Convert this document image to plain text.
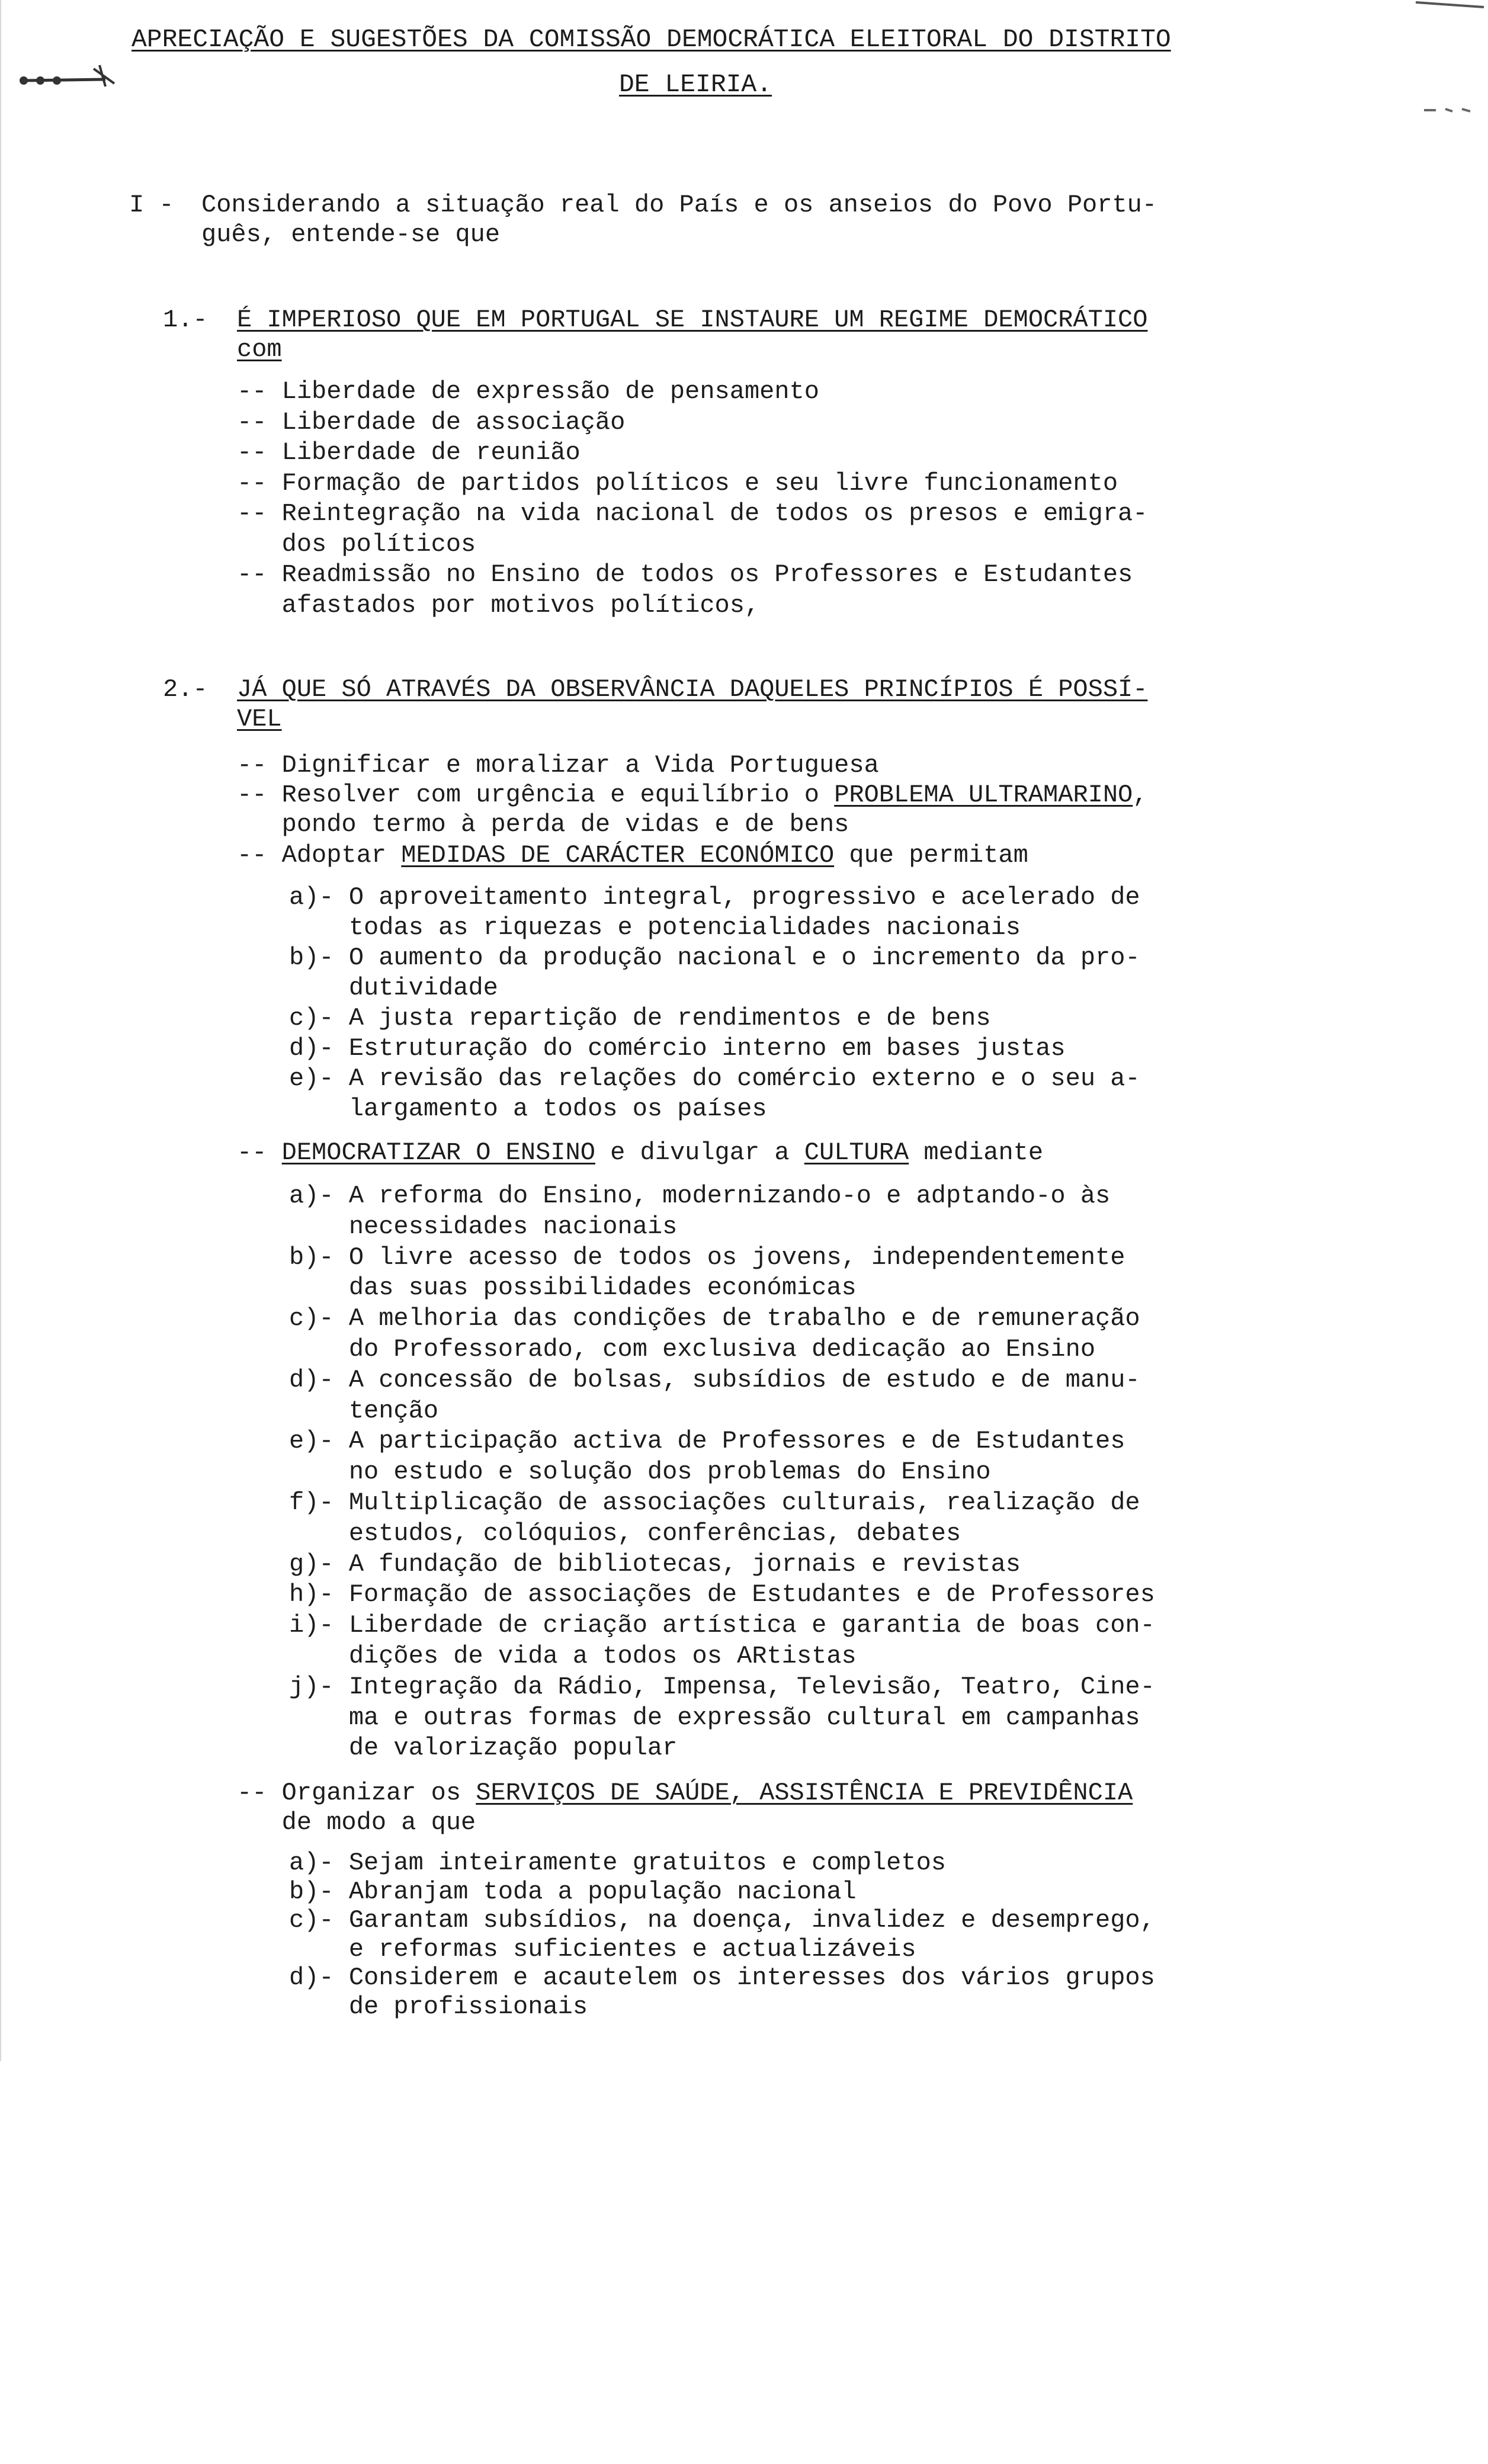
APRECIAÇÃO E SUGESTÕES DA COMISSÃO DEMOCRÁTICA ELEITORAL DO DISTRITO
DE LEIRIA.
I - Considerando a situação real do País e os anseios do Povo Portu-
guês, entende-se que
1.- É IMPERIOSO QUE EM PORTUGAL SE INSTAURE UM REGIME DEMOCRÁTICO
com
-- Liberdade de expressão de pensamento
-- Liberdade de associação
-- Liberdade de reunião
-- Formação de partidos políticos e seu livre funcionamento
-- Reintegração na vida nacional de todos os presos e emigra-
dos políticos
-- Readmissão no Ensino de todos os Professores e Estudantes
afastados por motivos políticos,
2.- JÁ QUE SÓ ATRAVÉS DA OBSERVÂNCIA DAQUELES PRINCÍPIOS É POSSÍ-
VEL
-- Dignificar e moralizar a Vida Portuguesa
-- Resolver com urgência e equilíbrio o PROBLEMA ULTRAMARINO,
pondo termo à perda de vidas e de bens
-- Adoptar MEDIDAS DE CARÁCTER ECONÓMICO que permitam
a)- O aproveitamento integral, progressivo e acelerado de
todas as riquezas e potencialidades nacionais
b)- O aumento da produção nacional e o incremento da pro-
dutividade
c)- A justa repartição de rendimentos e de bens
d)- Estruturação do comércio interno em bases justas
e)- A revisão das relações do comércio externo e o seu a-
largamento a todos os países
-- DEMOCRATIZAR O ENSINO e divulgar a CULTURA mediante
a)- A reforma do Ensino, modernizando-o e adptando-o às
necessidades nacionais
b)- O livre acesso de todos os jovens, independentemente
das suas possibilidades económicas
c)- A melhoria das condições de trabalho e de remuneração
do Professorado, com exclusiva dedicação ao Ensino
d)- A concessão de bolsas, subsídios de estudo e de manu-
tenção
e)- A participação activa de Professores e de Estudantes
no estudo e solução dos problemas do Ensino
f)- Multiplicação de associações culturais, realização de
estudos, colóquios, conferências, debates
g)- A fundação de bibliotecas, jornais e revistas
h)- Formação de associações de Estudantes e de Professores
i)- Liberdade de criação artística e garantia de boas con-
dições de vida a todos os ARtistas
j)- Integração da Rádio, Impensa, Televisão, Teatro, Cine-
ma e outras formas de expressão cultural em campanhas
de valorização popular
-- Organizar os SERVIÇOS DE SAÚDE, ASSISTÊNCIA E PREVIDÊNCIA
de modo a que
a)- Sejam inteiramente gratuitos e completos
b)- Abranjam toda a população nacional
c)- Garantam subsídios, na doença, invalidez e desemprego,
e reformas suficientes e actualizáveis
d)- Considerem e acautelem os interesses dos vários grupos
de profissionais
